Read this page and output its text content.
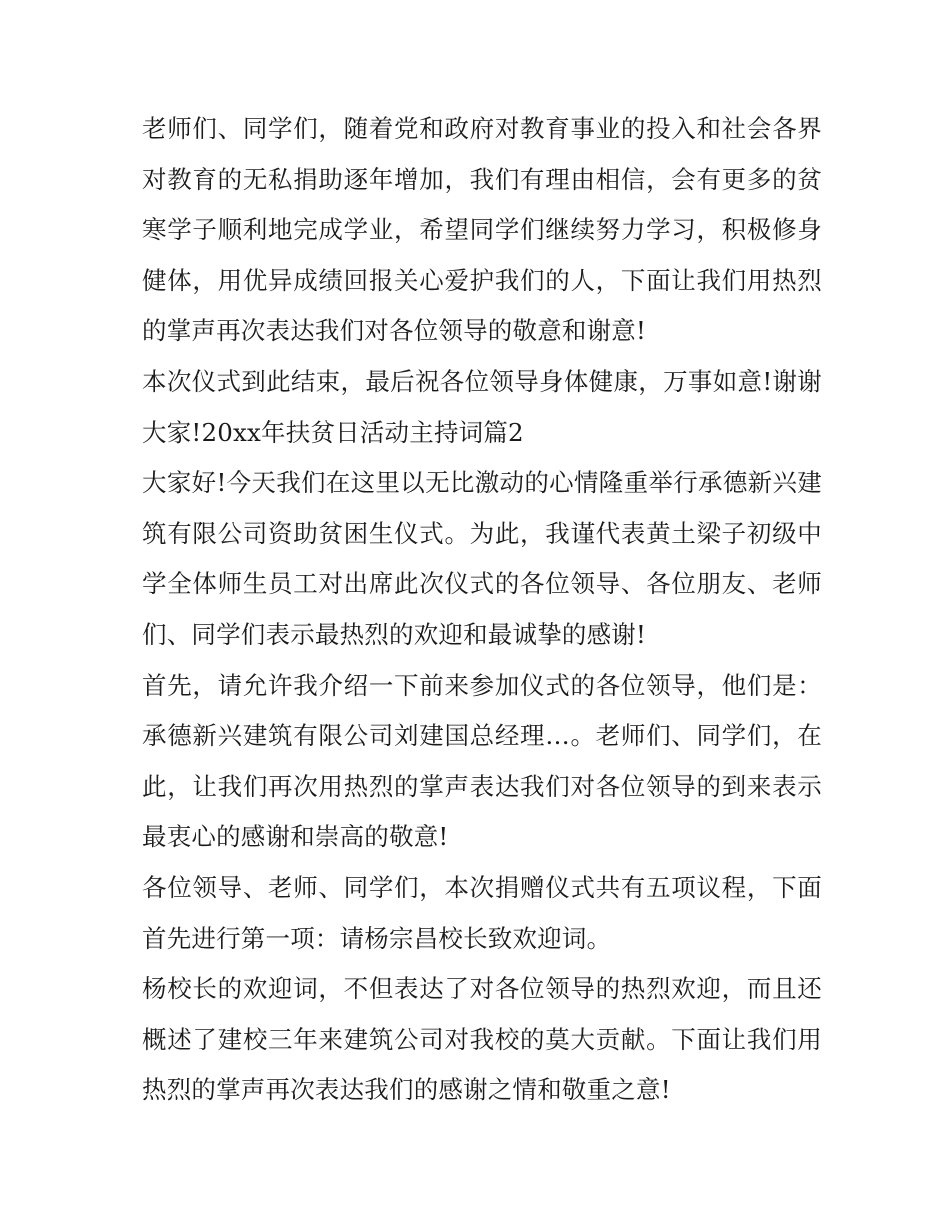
老师们、同学们，随着党和政府对教育事业的投入和社会各界对教育的无私捐助逐年增加，我们有理由相信，会有更多的贫寒学子顺利地完成学业，希望同学们继续努力学习，积极修身健体，用优异成绩回报关心爱护我们的人，下面让我们用热烈的掌声再次表达我们对各位领导的敬意和谢意!

本次仪式到此结束，最后祝各位领导身体健康，万事如意!谢谢大家!20xx年扶贫日活动主持词篇2

大家好!今天我们在这里以无比激动的心情隆重举行承德新兴建筑有限公司资助贫困生仪式。为此，我谨代表黄土梁子初级中学全体师生员工对出席此次仪式的各位领导、各位朋友、老师们、同学们表示最热烈的欢迎和最诚挚的感谢!

首先，请允许我介绍一下前来参加仪式的各位领导，他们是：承德新兴建筑有限公司刘建国总经理…。老师们、同学们，在此，让我们再次用热烈的掌声表达我们对各位领导的到来表示最衷心的感谢和崇高的敬意!

各位领导、老师、同学们，本次捐赠仪式共有五项议程，下面首先进行第一项：请杨宗昌校长致欢迎词。

杨校长的欢迎词，不但表达了对各位领导的热烈欢迎，而且还概述了建校三年来建筑公司对我校的莫大贡献。下面让我们用热烈的掌声再次表达我们的感谢之情和敬重之意!
